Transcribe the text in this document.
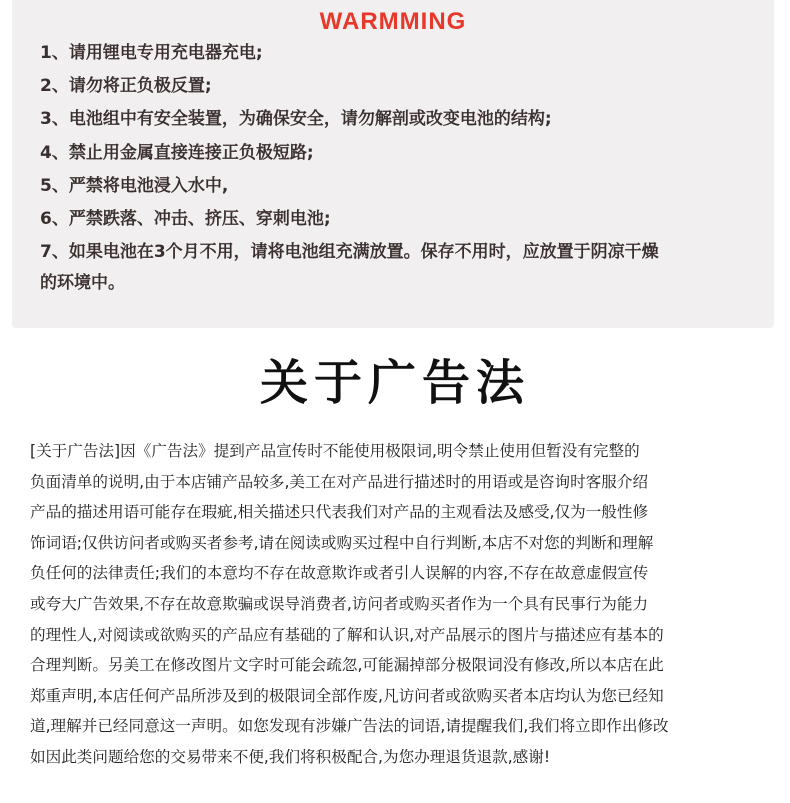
WARMMING

1、请用锂电专用充电器充电;

2、请勿将正负极反置;

3、电池组中有安全装置，为确保安全，请勿解剖或改变电池的结构;

4、禁止用金属直接连接正负极短路;

5、严禁将电池浸入水中,

6、严禁跌落、冲击、挤压、穿刺电池;

7、如果电池在3个月不用，请将电池组充满放置。保存不用时，应放置于阴凉干燥

的环境中。

关于广告法
[关于广告法]因《广告法》提到产品宣传时不能使用极限词,明令禁止使用但暂没有完整的
负面清单的说明,由于本店铺产品较多,美工在对产品进行描述时的用语或是咨询时客服介绍
产品的描述用语可能存在瑕疵,相关描述只代表我们对产品的主观看法及感受,仅为一般性修
饰词语;仅供访问者或购买者参考,请在阅读或购买过程中自行判断,本店不对您的判断和理解
负任何的法律责任;我们的本意均不存在故意欺诈或者引人误解的内容,不存在故意虚假宣传
或夸大广告效果,不存在故意欺骗或误导消费者,访问者或购买者作为一个具有民事行为能力
的理性人,对阅读或欲购买的产品应有基础的了解和认识,对产品展示的图片与描述应有基本的
合理判断。另美工在修改图片文字时可能会疏忽,可能漏掉部分极限词没有修改,所以本店在此
郑重声明,本店任何产品所涉及到的极限词全部作废,凡访问者或欲购买者本店均认为您已经知
道,理解并已经同意这一声明。如您发现有涉嫌广告法的词语,请提醒我们,我们将立即作出修改
如因此类问题给您的交易带来不便,我们将积极配合,为您办理退货退款,感谢!
